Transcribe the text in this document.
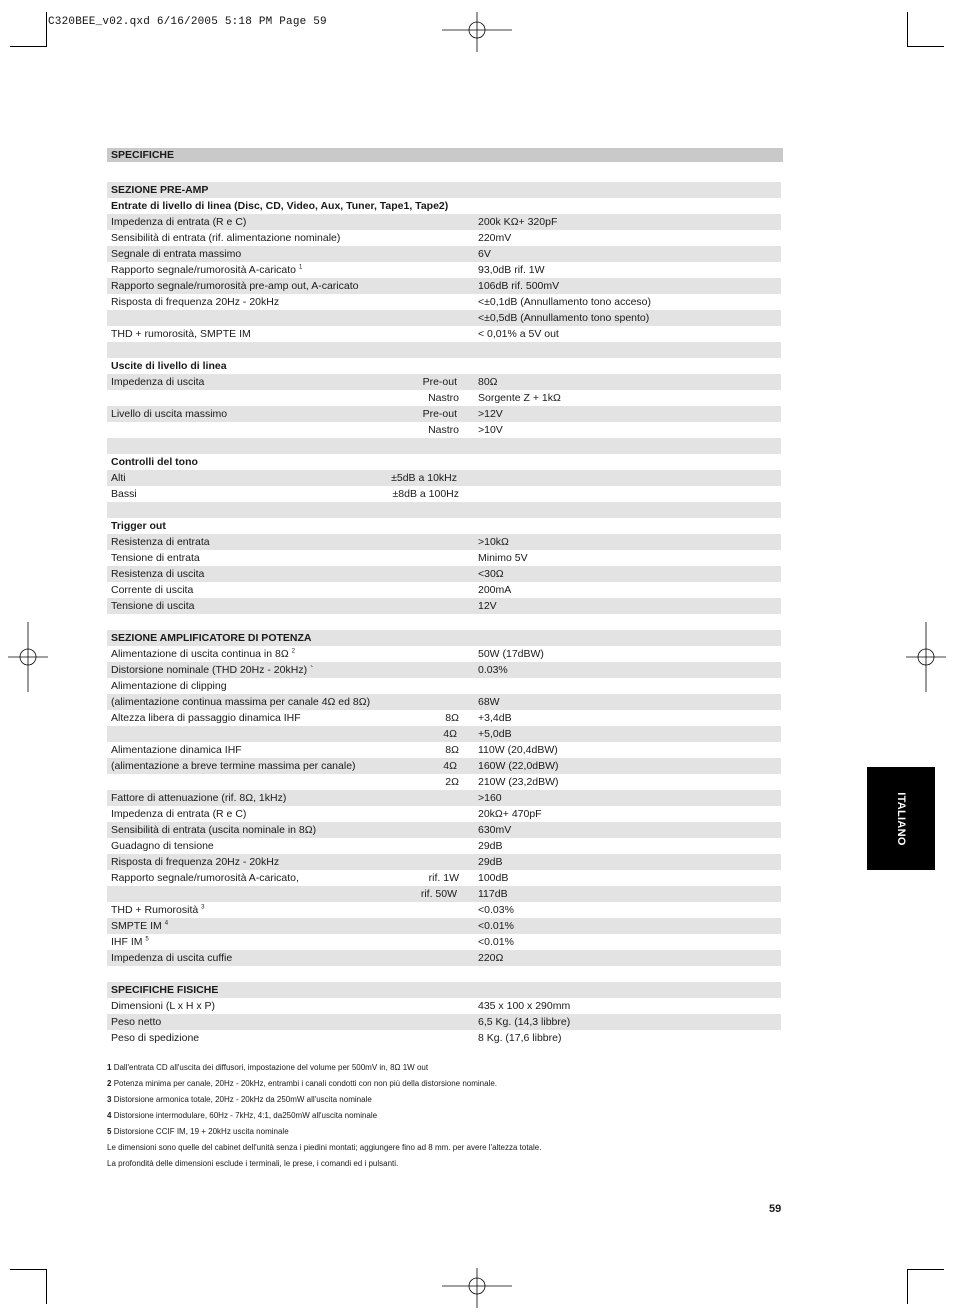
C320BEE_v02.qxd 6/16/2005 5:18 PM Page 59
SPECIFICHE
SEZIONE PRE-AMP
Entrate di livello di linea (Disc, CD, Video, Aux, Tuner, Tape1, Tape2)
Impedenza di entrata (R e C)	200k KΩ+ 320pF
Sensibilità di entrata (rif. alimentazione nominale)	220mV
Segnale di entrata massimo	6V
Rapporto segnale/rumorosità A-caricato $^1$	93,0dB rif. 1W
Rapporto segnale/rumorosità pre-amp out, A-caricato	106dB rif. 500mV
Risposta di frequenza 20Hz - 20kHz	<±0,1dB (Annullamento tono acceso)
<±0,5dB (Annullamento tono spento)
THD + rumorosità, SMPTE IM	< 0,01% a 5V out
Uscite di livello di linea
Impedenza di uscita	Pre-out 80Ω
Nastro Sorgente Z + 1kΩ
Livello di uscita massimo	Pre-out >12V
Nastro >10V
Controlli del tono
Alti	±5dB a 10kHz
Bassi	±8dB a 100Hz
Trigger out
Resistenza di entrata	>10kΩ
Tensione di entrata	Minimo 5V
Resistenza di uscita	<30Ω
Corrente di uscita	200mA
Tensione di uscita	12V
SEZIONE AMPLIFICATORE DI POTENZA
Alimentazione di uscita continua in 8Ω $^2$	50W (17dBW)
Distorsione nominale (THD 20Hz - 20kHz) `	0.03%
Alimentazione di clipping
(alimentazione continua massima per canale 4Ω ed 8Ω)	68W
Altezza libera di passaggio dinamica IHF	8Ω +3,4dB
4Ω +5,0dB
Alimentazione dinamica IHF	8Ω 110W (20,4dBW)
(alimentazione a breve termine massima per canale)	4Ω 160W (22,0dBW)
2Ω 210W (23,2dBW)
Fattore di attenuazione (rif. 8Ω, 1kHz)	>160
Impedenza di entrata (R e C)	20kΩ+ 470pF
Sensibilità di entrata (uscita nominale in 8Ω)	630mV
Guadagno di tensione	29dB
Risposta di frequenza 20Hz - 20kHz	29dB
Rapporto segnale/rumorosità A-caricato,	rif. 1W 100dB
rif. 50W 117dB
THD + Rumorosità $^3$	<0.03%
SMPTE IM $^4$	<0.01%
IHF IM $^5$	<0.01%
Impedenza di uscita cuffie	220Ω
SPECIFICHE FISICHE
Dimensioni (L x H x P)	435 x 100 x 290mm
Peso netto	6,5 Kg. (14,3 libbre)
Peso di spedizione	8 Kg. (17,6 libbre)
1 Dall'entrata CD all'uscita dei diffusori, impostazione del volume per 500mV in, 8Ω 1W out
2 Potenza minima per canale, 20Hz - 20kHz, entrambi i canali condotti con non più della distorsione nominale.
3 Distorsione armonica totale, 20Hz - 20kHz da 250mW all'uscita nominale
4 Distorsione intermodulare, 60Hz - 7kHz, 4:1, da250mW all'uscita nominale
5 Distorsione CCIF IM, 19 + 20kHz uscita nominale
Le dimensioni sono quelle del cabinet dell'unità senza i piedini montati; aggiungere fino ad 8 mm. per avere l'altezza totale.
La profondità delle dimensioni esclude i terminali, le prese, i comandi ed i pulsanti.
ITALIANO
59
